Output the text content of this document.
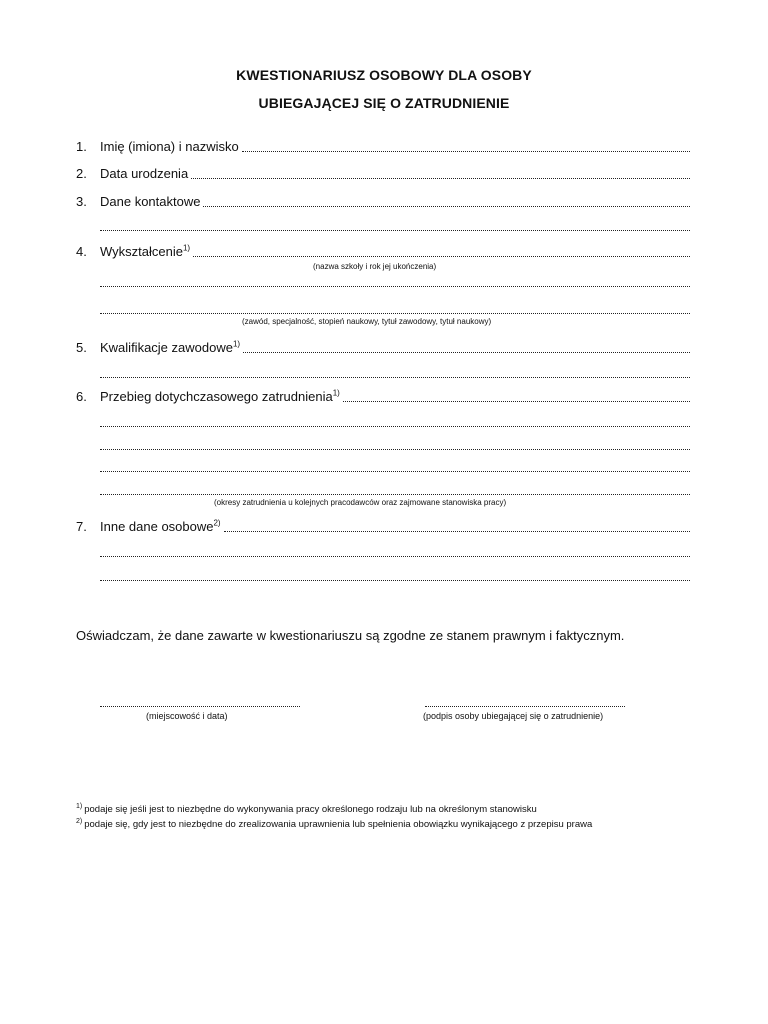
KWESTIONARIUSZ OSOBOWY DLA OSOBY
UBIEGAJĄCEJ SIĘ O ZATRUDNIENIE
1.	Imię (imiona) i nazwisko
2.	Data urodzenia
3.	Dane kontaktowe
4.	Wykształcenie$^{1)}$
(nazwa szkoły i rok jej ukończenia)
(zawód, specjalność, stopień naukowy, tytuł zawodowy, tytuł naukowy)
5.	Kwalifikacje zawodowe$^{1)}$
6.	Przebieg dotychczasowego zatrudnienia$^{1)}$
(okresy zatrudnienia u kolejnych pracodawców oraz zajmowane stanowiska pracy)
7.	Inne dane osobowe$^{2)}$
Oświadczam, że dane zawarte w kwestionariuszu są zgodne ze stanem prawnym i faktycznym.
(miejscowość i data)	(podpis osoby ubiegającej się o zatrudnienie)
$^{1)}$ podaje się jeśli jest to niezbędne do wykonywania pracy określonego rodzaju lub na określonym stanowisku
$^{2)}$ podaje się, gdy jest to niezbędne do zrealizowania uprawnienia lub spełnienia obowiązku wynikającego z przepisu prawa
